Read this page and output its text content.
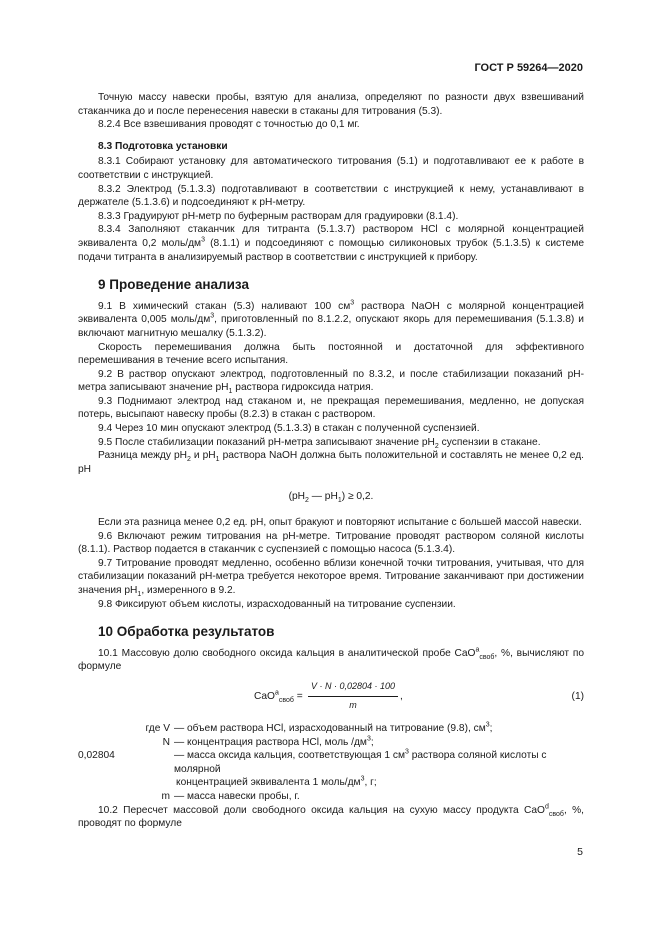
ГОСТ Р 59264—2020

Точную массу навески пробы, взятую для анализа, определяют по разности двух взвешиваний стаканчика до и после перенесения навески в стаканы для титрования (5.3).

8.2.4 Все взвешивания проводят с точностью до 0,1 мг.

8.3 Подготовка установки

8.3.1 Собирают установку для автоматического титрования (5.1) и подготавливают ее к работе в соответствии с инструкцией.

8.3.2 Электрод (5.1.3.3) подготавливают в соответствии с инструкцией к нему, устанавливают в держателе (5.1.3.6) и подсоединяют к рН-метру.

8.3.3 Градуируют рН-метр по буферным растворам для градуировки (8.1.4).

8.3.4 Заполняют стаканчик для титранта (5.1.3.7) раствором HCl с молярной концентрацией эквивалента 0,2 моль/$дм^3$ (8.1.1) и подсоединяют с помощью силиконовых трубок (5.1.3.5) к системе подачи титранта в анализируемый раствор в соответствии с инструкцией к прибору.

9 Проведение анализа

9.1 В химический стакан (5.3) наливают 100 $см^3$ раствора NaOH с молярной концентрацией эквивалента 0,005 моль/$дм^3$, приготовленный по 8.1.2.2, опускают якорь для перемешивания (5.1.3.8) и включают магнитную мешалку (5.1.3.2).

Скорость перемешивания должна быть постоянной и достаточной для эффективного перемешивания в течение всего испытания.

9.2 В раствор опускают электрод, подготовленный по 8.3.2, и после стабилизации показаний рН-метра записывают значение $рН_1$ раствора гидроксида натрия.

9.3 Поднимают электрод над стаканом и, не прекращая перемешивания, медленно, не допуская потерь, высыпают навеску пробы (8.2.3) в стакан с раствором.

9.4 Через 10 мин опускают электрод (5.1.3.3) в стакан с полученной суспензией.

9.5 После стабилизации показаний рН-метра записывают значение $рН_2$ суспензии в стакане.

Разница между $рН_2$ и $рН_1$ раствора NaOH должна быть положительной и составлять не менее 0,2 ед. рН

($рН_2$ — $рН_1) \ge 0,2$.

Если эта разница менее 0,2 ед. рН, опыт бракуют и повторяют испытание с большей массой навески.

9.6 Включают режим титрования на рН-метре. Титрование проводят раствором соляной кислоты (8.1.1). Раствор подается в стаканчик с суспензией с помощью насоса (5.1.3.4).

9.7 Титрование проводят медленно, особенно вблизи конечной точки титрования, учитывая, что для стабилизации показаний рН-метра требуется некоторое время. Титрование заканчивают при достижении значения $рН_1$, измеренного в 9.2.

9.8 Фиксируют объем кислоты, израсходованный на титрование суспензии.

10 Обработка результатов

10.1 Массовую долю свободного оксида кальция в аналитической пробе CaO$^а_{своб}$, %, вычисляют по формуле

$CaO^а_{своб} = \frac{V \cdot N \cdot 0,02804 \cdot 100}{m}$ ,	(1)
где V — объем раствора HCl, израсходованный на титрование (9.8), $см^3$;
N — концентрация раствора HCl, моль $/дм^3$;
0,02804	— масса оксида кальция, соответствующая 1 $см^3$ раствора соляной кислоты с молярной
концентрацией эквивалента 1 моль/$дм^3$, г;
m — масса навески пробы, г.

10.2 Пересчет массовой доли свободного оксида кальция на сухую массу продукта CaO$^d_{своб}$, %, проводят по формуле

5
